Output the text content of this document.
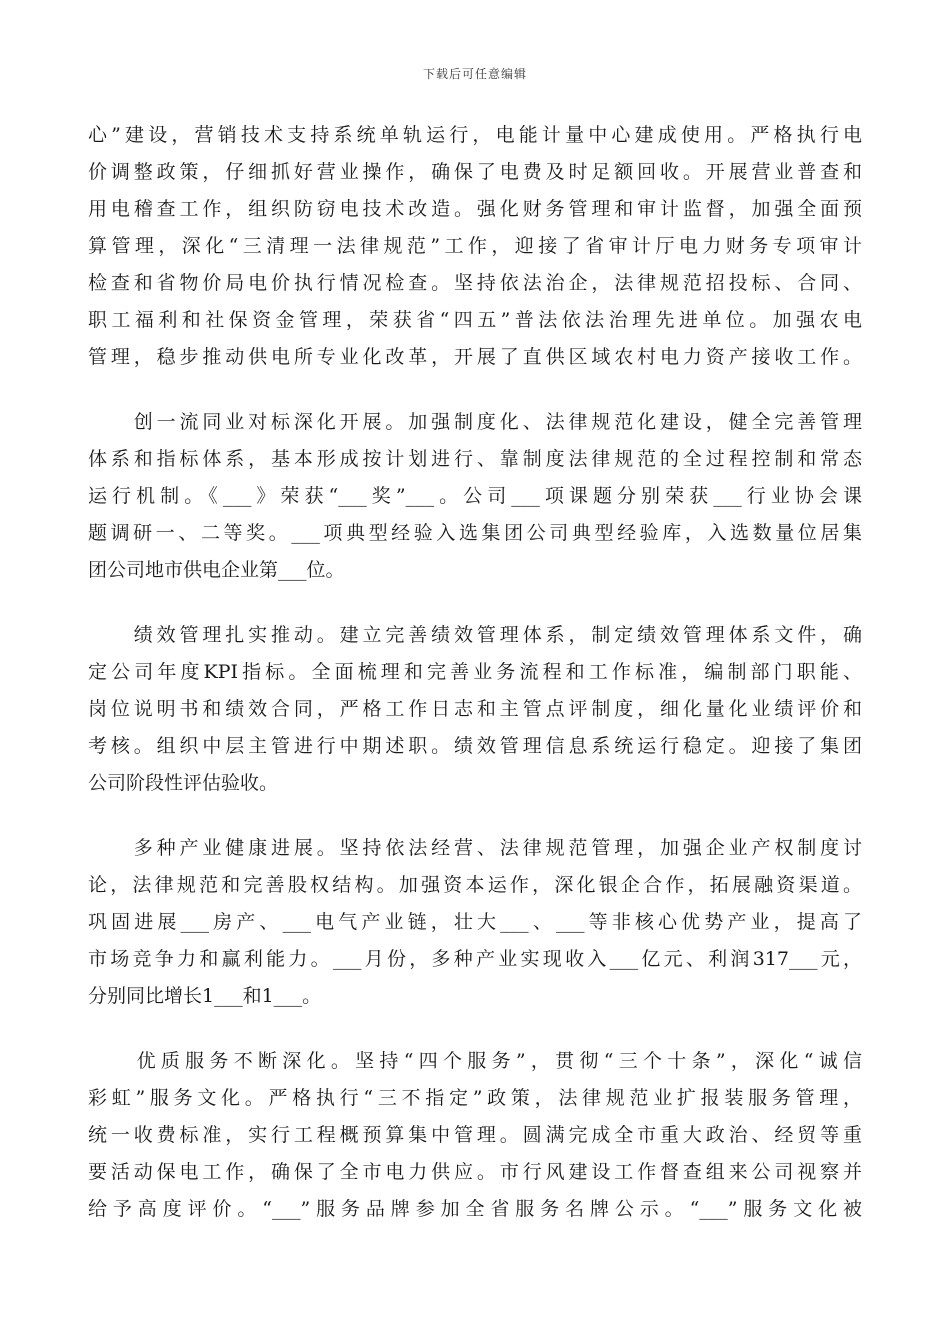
下载后可任意编辑
心”建设，营销技术支持系统单轨运行，电能计量中心建成使用。严格执行电
价调整政策，仔细抓好营业操作，确保了电费及时足额回收。开展营业普查和
用电稽查工作，组织防窃电技术改造。强化财务管理和审计监督，加强全面预
算管理，深化“三清理一法律规范”工作，迎接了省审计厅电力财务专项审计
检查和省物价局电价执行情况检查。坚持依法治企，法律规范招投标、合同、
职工福利和社保资金管理，荣获省“四五”普法依法治理先进单位。加强农电
管理，稳步推动供电所专业化改革，开展了直供区域农村电力资产接收工作。
　　创一流同业对标深化开展。加强制度化、法律规范化建设，健全完善管理
体系和指标体系，基本形成按计划进行、靠制度法律规范的全过程控制和常态
运行机制。《___》荣获“___奖”___。公司___项课题分别荣获___行业协会课
题调研一、二等奖。___项典型经验入选集团公司典型经验库，入选数量位居集
团公司地市供电企业第___位。
　　绩效管理扎实推动。建立完善绩效管理体系，制定绩效管理体系文件，确
定公司年度KPI指标。全面梳理和完善业务流程和工作标准，编制部门职能、
岗位说明书和绩效合同，严格工作日志和主管点评制度，细化量化业绩评价和
考核。组织中层主管进行中期述职。绩效管理信息系统运行稳定。迎接了集团
公司阶段性评估验收。
　　多种产业健康进展。坚持依法经营、法律规范管理，加强企业产权制度讨
论，法律规范和完善股权结构。加强资本运作，深化银企合作，拓展融资渠道。
巩固进展___房产、___电气产业链，壮大___、___等非核心优势产业，提高了
市场竞争力和赢利能力。___月份，多种产业实现收入___亿元、利润317___元，
分别同比增长1___和1___。
　　优质服务不断深化。坚持“四个服务”，贯彻“三个十条”，深化“诚信
彩虹”服务文化。严格执行“三不指定”政策，法律规范业扩报装服务管理，
统一收费标准，实行工程概预算集中管理。圆满完成全市重大政治、经贸等重
要活动保电工作，确保了全市电力供应。市行风建设工作督查组来公司视察并
给予高度评价。“___”服务品牌参加全省服务名牌公示。“___”服务文化被
